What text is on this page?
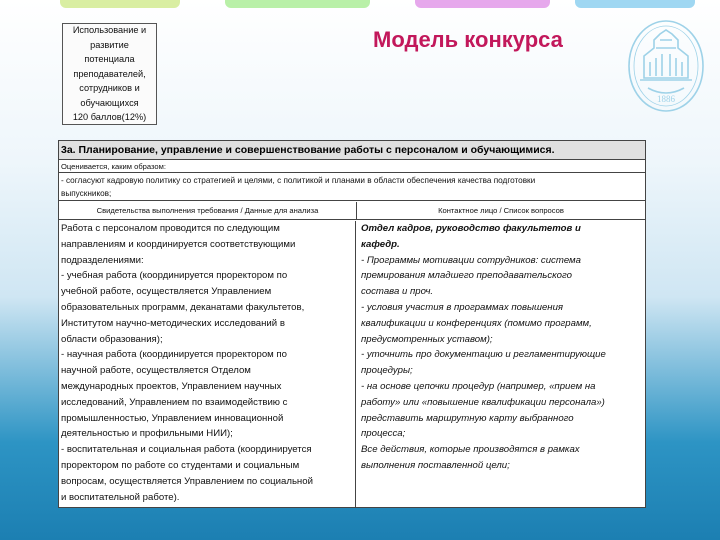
Использование и
развитие
потенциала
преподавателей,
сотрудников и
обучающихся
120 баллов(12%)
Модель конкурса
1886
3а. Планирование, управление и совершенствование работы с персоналом и обучающимися.
Оценивается, каким образом:
- согласуют кадровую политику со стратегией и целями, с политикой и планами в области обеспечения качества подготовки
выпускников;
Свидетельства выполнения требования / Данные для анализа	Контактное лицо / Список вопросов
Работа с персоналом проводится по следующим
направлениям и координируется соответствующими
подразделениями:
- учебная работа (координируется проректором по
учебной работе, осуществляется Управлением
образовательных программ, деканатами факультетов,
Институтом научно-методических исследований в
области образования);
- научная работа (координируется проректором по
научной работе, осуществляется Отделом
международных проектов, Управлением научных
исследований, Управлением по взаимодействию с
промышленностью, Управлением инновационной
деятельностью и профильными НИИ);
- воспитательная и социальная работа (координируется
проректором по работе со студентами и социальным
вопросам, осуществляется Управлением по социальной
и воспитательной работе).
Отдел кадров, руководство факультетов и
кафедр.
- Программы мотивации сотрудников: система
премирования младшего преподавательского
состава и проч.
- условия участия в программах повышения
квалификации и конференциях (помимо программ,
предусмотренных уставом);
- уточнить про документацию и регламентирующие
процедуры;
- на основе цепочки процедур (например, «прием на
работу» или «повышение квалификации персонала»)
представить маршрутную карту выбранного
процесса;
Все действия, которые производятся в рамках
выполнения поставленной цели;
